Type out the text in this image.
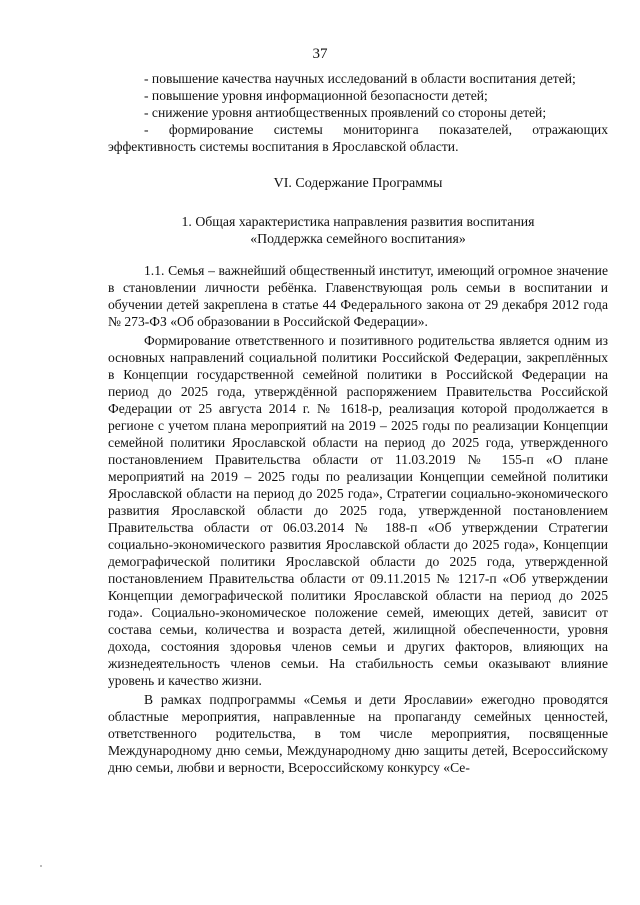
37

- повышение качества научных исследований в области воспитания детей;

- повышение уровня информационной безопасности детей;

- снижение уровня антиобщественных проявлений со стороны детей;

- формирование системы мониторинга показателей, отражающих эффективность системы воспитания в Ярославской области.

VI. Содержание Программы
1. Общая характеристика направления развития воспитания
«Поддержка семейного воспитания»

1.1. Семья – важнейший общественный институт, имеющий огромное значение в становлении личности ребёнка. Главенствующая роль семьи в воспитании и обучении детей закреплена в статье 44 Федерального закона от 29 декабря 2012 года № 273-ФЗ «Об образовании в Российской Федерации».

Формирование ответственного и позитивного родительства является одним из основных направлений социальной политики Российской Федерации, закреплённых в Концепции государственной семейной политики в Российской Федерации на период до 2025 года, утверждённой распоряжением Правительства Российской Федерации от 25 августа 2014 г. № 1618-р, реализация которой продолжается в регионе с учетом плана мероприятий на 2019 – 2025 годы по реализации Концепции семейной политики Ярославской области на период до 2025 года, утвержденного постановлением Правительства области от 11.03.2019 № 155-п «О плане мероприятий на 2019 – 2025 годы по реализации Концепции семейной политики Ярославской области на период до 2025 года», Стратегии социально-экономического развития Ярославской области до 2025 года, утвержденной постановлением Правительства области от 06.03.2014 № 188-п «Об утверждении Стратегии социально-экономического развития Ярославской области до 2025 года», Концепции демографической политики Ярославской области до 2025 года, утвержденной постановлением Правительства области от 09.11.2015 № 1217-п «Об утверждении Концепции демографической политики Ярославской области на период до 2025 года». Социально-экономическое положение семей, имеющих детей, зависит от состава семьи, количества и возраста детей, жилищной обеспеченности, уровня дохода, состояния здоровья членов семьи и других факторов, влияющих на жизнедеятельность членов семьи. На стабильность семьи оказывают влияние уровень и качество жизни.

В рамках подпрограммы «Семья и дети Ярославии» ежегодно проводятся областные мероприятия, направленные на пропаганду семейных ценностей, ответственного родительства, в том числе мероприятия, посвященные Международному дню семьи, Международному дню защиты детей, Всероссийскому дню семьи, любви и верности, Всероссийскому конкурсу «Се-
